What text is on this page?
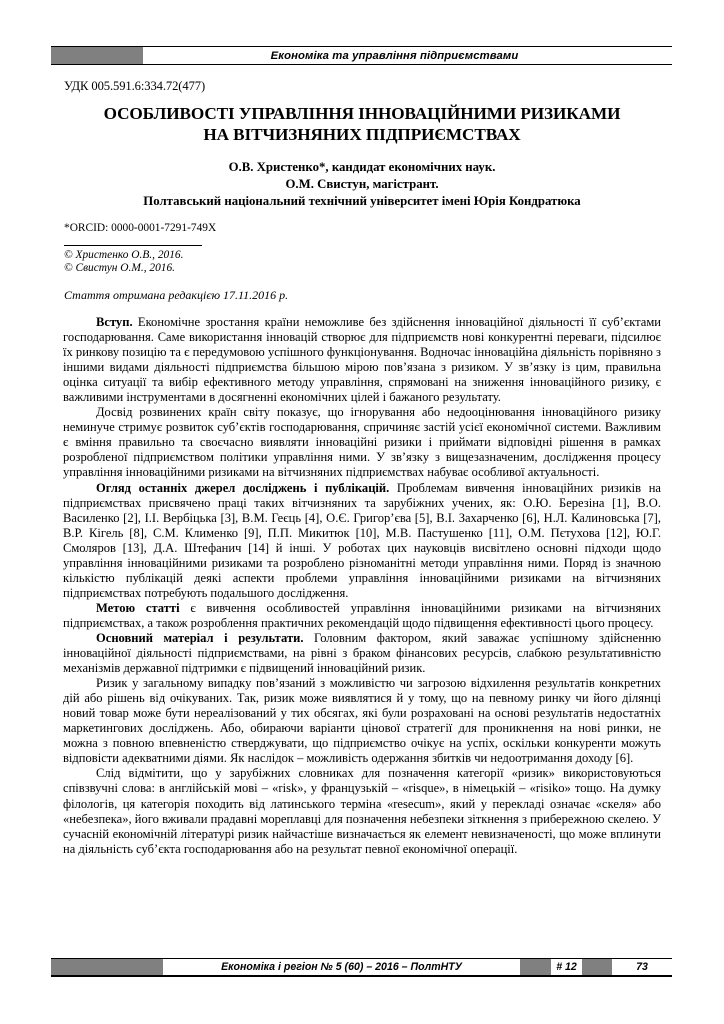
Економіка та управління підприємствами
УДК 005.591.6:334.72(477)
ОСОБЛИВОСТІ УПРАВЛІННЯ ІННОВАЦІЙНИМИ РИЗИКАМИ
НА ВІТЧИЗНЯНИХ ПІДПРИЄМСТВАХ
О.В. Христенко*, кандидат економічних наук.
О.М. Свистун, магістрант.
Полтавський національний технічний університет імені Юрія Кондратюка
*ORCID: 0000-0001-7291-749X
© Христенко О.В., 2016.
© Свистун О.М., 2016.
Стаття отримана редакцією 17.11.2016 р.

Вступ. Економічне зростання країни неможливе без здійснення інноваційної діяльності її суб’єктами господарювання. Саме використання інновацій створює для підприємств нові конкурентні переваги, підсилює їх ринкову позицію та є передумовою успішного функціонування. Водночас інноваційна діяльність порівняно з іншими видами діяльності підприємства більшою мірою пов’язана з ризиком. У зв’язку із цим, правильна оцінка ситуації та вибір ефективного методу управління, спрямовані на зниження інноваційного ризику, є важливими інструментами в досягненні економічних цілей і бажаного результату.

Досвід розвинених країн світу показує, що ігнорування або недооцінювання інноваційного ризику неминуче стримує розвиток суб’єктів господарювання, спричиняє застій усієї економічної системи. Важливим є вміння правильно та своєчасно виявляти інноваційні ризики і приймати відповідні рішення в рамках розробленої підприємством політики управління ними. У зв’язку з вищезазначеним, дослідження процесу управління інноваційними ризиками на вітчизняних підприємствах набуває особливої актуальності.

Огляд останніх джерел досліджень і публікацій. Проблемам вивчення інноваційних ризиків на підприємствах присвячено праці таких вітчизняних та зарубіжних учених, як: О.Ю. Березіна [1], В.О. Василенко [2], І.І. Вербіцька [3], В.М. Геєць [4], О.Є. Григор’єва [5], В.І. Захарченко [6], Н.Л. Калиновська [7], В.Р. Кігель [8], С.М. Клименко [9], П.П. Микитюк [10], М.В. Пастушенко [11], О.М. Пєтухова [12], Ю.Г. Смоляров [13], Д.А. Штефанич [14] й інші. У роботах цих науковців висвітлено основні підходи щодо управління інноваційними ризиками та розроблено різноманітні методи управління ними. Поряд із значною кількістю публікацій деякі аспекти проблеми управління інноваційними ризиками на вітчизняних підприємствах потребують подальшого дослідження.

Метою статті є вивчення особливостей управління інноваційними ризиками на вітчизняних підприємствах, а також розроблення практичних рекомендацій щодо підвищення ефективності цього процесу.

Основний матеріал і результати. Головним фактором, який заважає успішному здійсненню інноваційної діяльності підприємствами, на рівні з браком фінансових ресурсів, слабкою результативністю механізмів державної підтримки є підвищений інноваційний ризик.

Ризик у загальному випадку пов’язаний з можливістю чи загрозою відхилення результатів конкретних дій або рішень від очікуваних. Так, ризик може виявлятися й у тому, що на певному ринку чи його ділянці новий товар може бути нереалізований у тих обсягах, які були розраховані на основі результатів недостатніх маркетингових досліджень. Або, обираючи варіанти цінової стратегії для проникнення на нові ринки, не можна з повною впевненістю стверджувати, що підприємство очікує на успіх, оскільки конкуренти можуть відповісти адекватними діями. Як наслідок – можливість одержання збитків чи недоотримання доходу [6].

Слід відмітити, що у зарубіжних словниках для позначення категорії «ризик» використовуються співзвучні слова: в англійській мові – «risk», у французькій – «risque», в німецькій – «risiko» тощо. На думку філологів, ця категорія походить від латинського терміна «resecum», який у перекладі означає «скеля» або «небезпека», його вживали прадавні мореплавці для позначення небезпеки зіткнення з прибережною скелею. У сучасній економічній літературі ризик найчастіше визначається як елемент невизначеності, що може вплинути на діяльність суб’єкта господарювання або на результат певної економічної операції.

Економіка і регіон № 5 (60) – 2016 – ПолтНТУ	# 12	73
